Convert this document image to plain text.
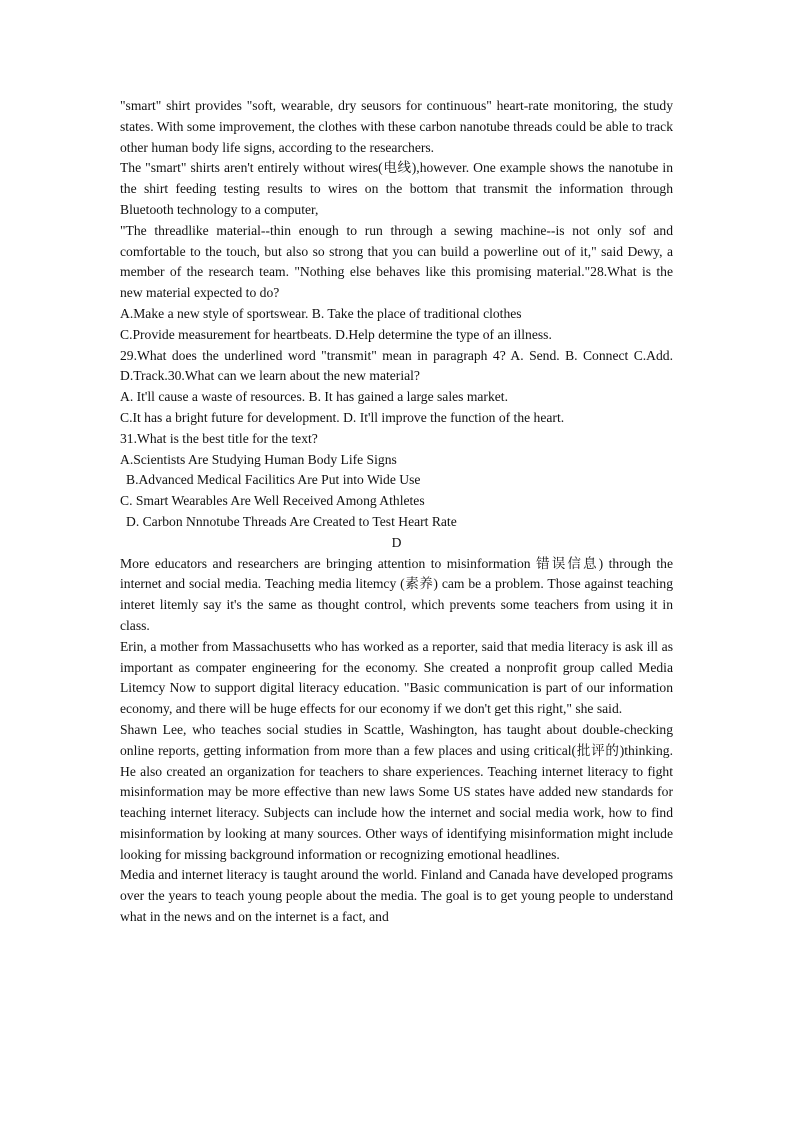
"smart" shirt provides "soft, wearable, dry seusors for continuous" heart-rate monitoring, the study states. With some improvement, the clothes with these carbon nanotube threads could be able to track other human body life signs, according to the researchers.

The "smart" shirts aren't entirely without wires(电线),however. One example shows the nanotube in the shirt feeding testing results to wires on the bottom that transmit the information through Bluetooth technology to a computer,

"The threadlike material--thin enough to run through a sewing machine--is not only sof and comfortable to the touch, but also so strong that you can build a powerline out of it," said Dewy, a member of the research team. "Nothing else behaves like this promising material."28.What is the new material expected to do?

A.Make a new style of sportswear. B. Take the place of traditional clothes

C.Provide measurement for heartbeats. D.Help determine the type of an illness.

29.What does the underlined word "transmit" mean in paragraph 4? A. Send. B. Connect C.Add. D.Track.30.What can we learn about the new material?

A. It'll cause a waste of resources. B. It has gained a large sales market.

C.It has a bright future for development. D. It'll improve the function of the heart.

31.What is the best title for the text?

A.Scientists Are Studying Human Body Life Signs

B.Advanced Medical Facilitics Are Put into Wide Use

C. Smart Wearables Are Well Received Among Athletes

D. Carbon Nnnotube Threads Are Created to Test Heart Rate

D

More educators and researchers are bringing attention to misinformation 错误信息) through the internet and social media. Teaching media litemcy (素养) cam be a problem. Those against teaching interet litemly say it's the same as thought control, which prevents some teachers from using it in class.

Erin, a mother from Massachusetts who has worked as a reporter, said that media literacy is ask ill as important as compater engineering for the economy. She created a nonprofit group called Media Litemcy Now to support digital literacy education. "Basic communication is part of our information economy, and there will be huge effects for our economy if we don't get this right," she said.

Shawn Lee, who teaches social studies in Scattle, Washington, has taught about double-checking online reports, getting information from more than a few places and using critical(批评的)thinking. He also created an organization for teachers to share experiences. Teaching internet literacy to fight misinformation may be more effective than new laws Some US states have added new standards for teaching internet literacy. Subjects can include how the internet and social media work, how to find misinformation by looking at many sources. Other ways of identifying misinformation might include looking for missing background information or recognizing emotional headlines.

Media and internet literacy is taught around the world. Finland and Canada have developed programs over the years to teach young people about the media. The goal is to get young people to understand what in the news and on the internet is a fact, and
